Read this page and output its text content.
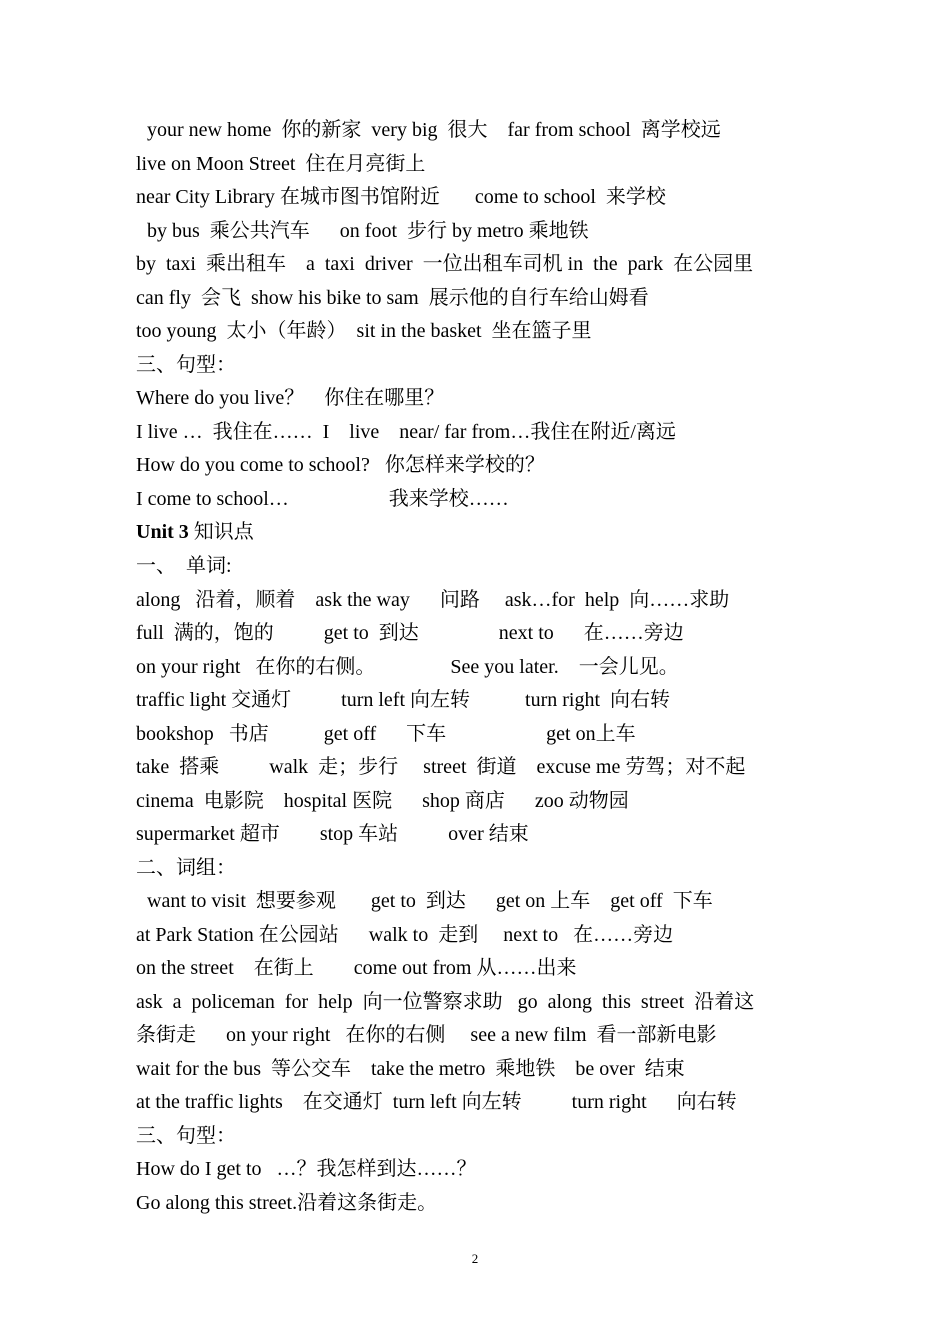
your new home  你的新家  very big  很大    far from school  离学校远
live on Moon Street  住在月亮街上
near City Library 在城市图书馆附近       come to school  来学校
by bus  乘公共汽车      on foot  步行 by metro 乘地铁
by  taxi  乘出租车    a  taxi  driver  一位出租车司机 in  the  park  在公园里
can fly  会飞  show his bike to sam  展示他的自行车给山姆看
too young  太小（年龄）  sit in the basket  坐在篮子里
三、句型：
Where do you live？    你住在哪里？
I live …  我住在……  I    live    near/ far from…我住在附近/离远
How do you come to school?   你怎样来学校的？
I come to school…                    我来学校……
Unit 3 知识点
一、  单词:
along   沿着，顺着    ask the way      问路     ask…for  help  向……求助
full  满的，饱的          get to  到达                next to      在……旁边
on your right   在你的右侧。               See you later.    一会儿见。
traffic light 交通灯          turn left 向左转           turn right  向右转
bookshop   书店           get off      下车                    get on上车
take  搭乘          walk  走；步行     street  街道    excuse me 劳驾；对不起
cinema  电影院    hospital 医院      shop 商店      zoo 动物园
supermarket 超市        stop 车站          over 结束
二、词组：
want to visit  想要参观       get to  到达      get on 上车    get off  下车
at Park Station 在公园站      walk to  走到     next to   在……旁边
on the street    在街上        come out from 从……出来
ask  a  policeman  for  help  向一位警察求助   go  along  this  street  沿着这
条街走      on your right   在你的右侧     see a new film  看一部新电影
wait for the bus  等公交车    take the metro  乘地铁    be over  结束
at the traffic lights    在交通灯  turn left 向左转          turn right      向右转
三、句型：
How do I get to   …？我怎样到达……？
Go along this street.沿着这条街走。
2
